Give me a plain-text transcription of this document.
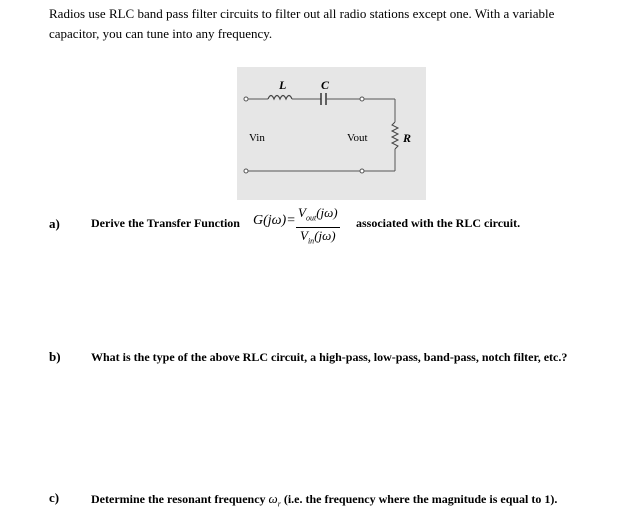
Radios use RLC band pass filter circuits to filter out all radio stations except one. With a variable
capacitor, you can tune into any frequency.

L	C
Vin	Vout	R
a)	Derive the Transfer Function G(jω)=
$V_{out}(j\omega)$
$V_{in}(j\omega)$
associated with the RLC circuit.
b)	What is the type of the above RLC circuit, a high-pass, low-pass, band-pass, notch filter, etc.?
c)	Determine the resonant frequency $\omega_r$ (i.e. the frequency where the magnitude is equal to 1).
